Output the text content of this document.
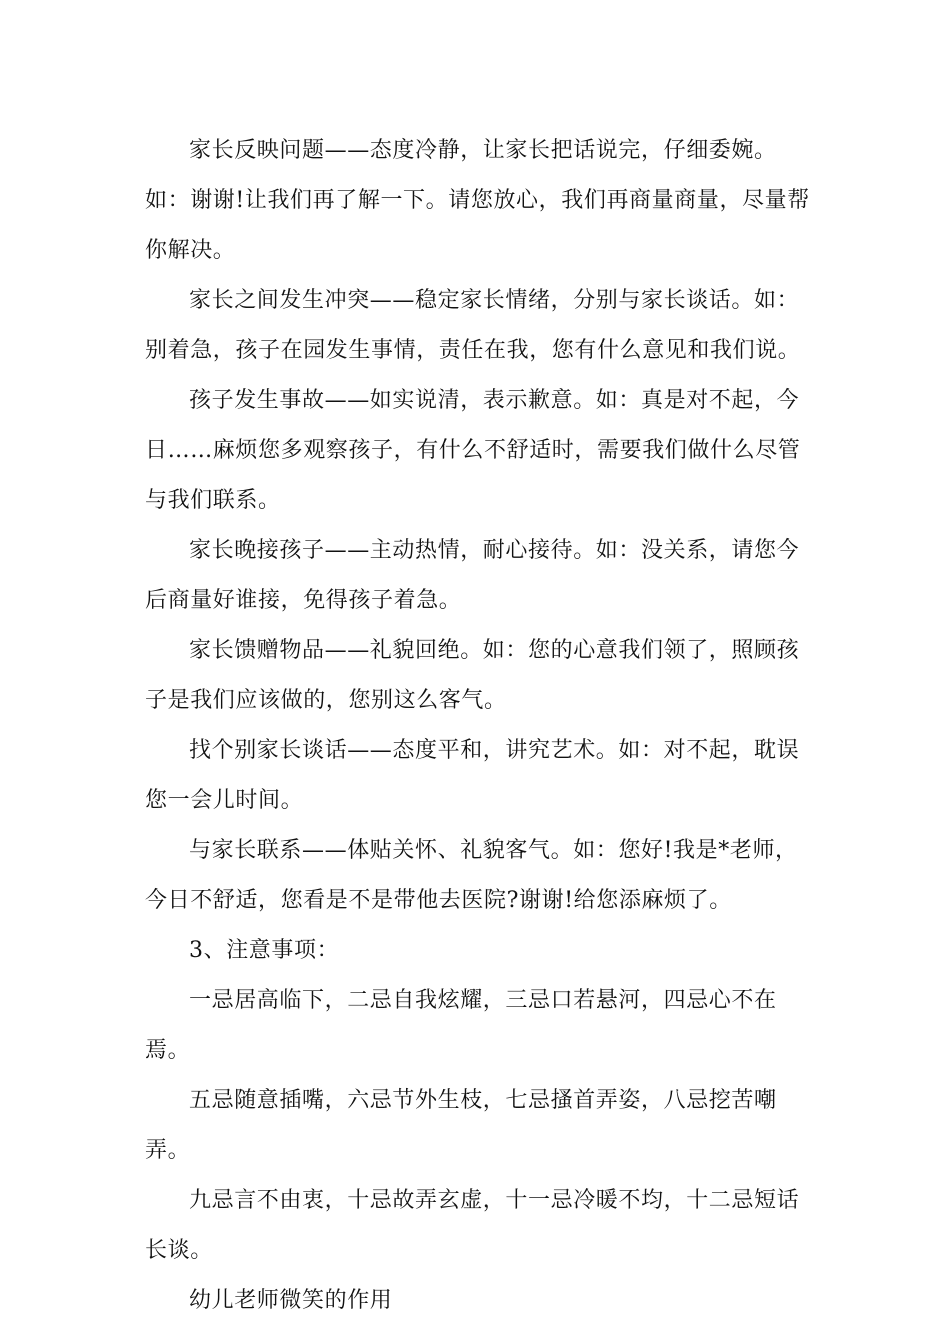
家长反映问题——态度冷静，让家长把话说完，仔细委婉。如：谢谢!让我们再了解一下。请您放心，我们再商量商量，尽量帮你解决。

家长之间发生冲突——稳定家长情绪，分别与家长谈话。如：别着急，孩子在园发生事情，责任在我，您有什么意见和我们说。

孩子发生事故——如实说清，表示歉意。如：真是对不起，今日……麻烦您多观察孩子，有什么不舒适时，需要我们做什么尽管与我们联系。

家长晚接孩子——主动热情，耐心接待。如：没关系，请您今后商量好谁接，免得孩子着急。

家长馈赠物品——礼貌回绝。如：您的心意我们领了，照顾孩子是我们应该做的，您别这么客气。

找个别家长谈话——态度平和，讲究艺术。如：对不起，耽误您一会儿时间。

与家长联系——体贴关怀、礼貌客气。如：您好!我是*老师，今日不舒适，您看是不是带他去医院?谢谢!给您添麻烦了。

3、注意事项：

一忌居高临下，二忌自我炫耀，三忌口若悬河，四忌心不在焉。

五忌随意插嘴，六忌节外生枝，七忌搔首弄姿，八忌挖苦嘲弄。

九忌言不由衷，十忌故弄玄虚，十一忌冷暖不均，十二忌短话长谈。

幼儿老师微笑的作用
